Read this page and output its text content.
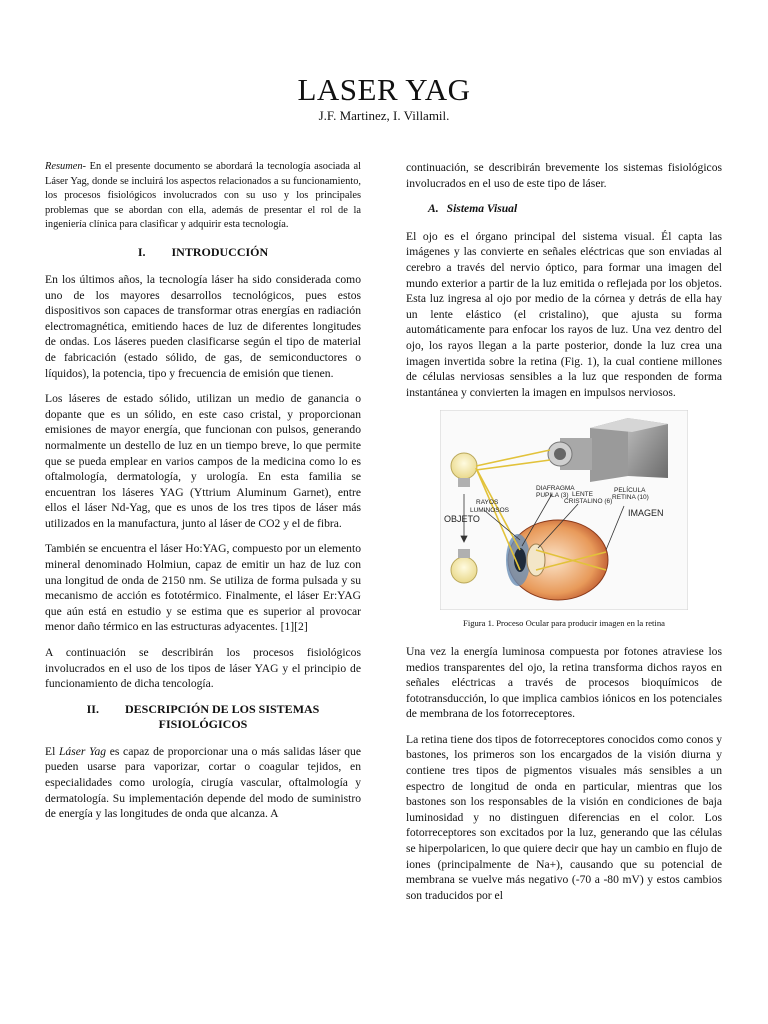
LASER YAG
J.F. Martinez, I. Villamil.

Resumen- En el presente documento se abordará la tecnología asociada al Láser Yag, donde se incluirá los aspectos relacionados a su funcionamiento, los procesos fisiológicos involucrados con su uso y los principales problemas que se abordan con ella, además de presentar el rol de la ingeniería clínica para clasificar y adquirir esta tecnología.

I. INTRODUCCIÓN

En los últimos años, la tecnología láser ha sido considerada como uno de los mayores desarrollos tecnológicos, pues estos dispositivos son capaces de transformar otras energías en radiación electromagnética, emitiendo haces de luz de diferentes longitudes de ondas. Los láseres pueden clasificarse según el tipo de material de fabricación (estado sólido, de gas, de semiconductores o líquidos), la potencia, tipo y frecuencia de emisión que tienen.

Los láseres de estado sólido, utilizan un medio de ganancia o dopante que es un sólido, en este caso cristal, y proporcionan emisiones de mayor energía, que funcionan con pulsos, generando normalmente un destello de luz en un tiempo breve, lo que permite que se pueda emplear en varios campos de la medicina como lo es oftalmología, dermatología, y urología. En esta familia se encuentran los láseres YAG (Yttrium Aluminum Garnet), entre ellos el láser Nd-Yag, que es unos de los tres tipos de láser más utilizados en la manufactura, junto al láser de CO2 y el de fibra.

También se encuentra el láser Ho:YAG, compuesto por un elemento mineral denominado Holmiun, capaz de emitir un haz de luz con una longitud de onda de 2150 nm. Se utiliza de forma pulsada y su mecanismo de acción es fototérmico. Finalmente, el láser Er:YAG que aún está en estudio y se estima que es superior al provocar menor daño térmico en las estructuras adyacentes. [1][2]

A continuación se describirán los procesos fisiológicos involucrados en el uso de los tipos de láser YAG y el principio de funcionamiento de dicha tencología.

II. DESCRIPCIÓN DE LOS SISTEMAS
FISIOLÓGICOS

El Láser Yag es capaz de proporcionar una o más salidas láser que pueden usarse para vaporizar, cortar o coagular tejidos, en especialidades como urología, cirugía vascular, oftalmología y dermatología. Su implementación depende del modo de suministro de energía y las longitudes de onda que alcanza. A

continuación, se describirán brevemente los sistemas fisiológicos involucrados en el uso de este tipo de láser.

A. Sistema Visual

El ojo es el órgano principal del sistema visual. Él capta las imágenes y las convierte en señales eléctricas que son enviadas al cerebro a través del nervio óptico, para formar una imagen del mundo exterior a partir de la luz emitida o reflejada por los objetos. Esta luz ingresa al ojo por medio de la córnea y detrás de ella hay un lente elástico (el cristalino), que ajusta su forma automáticamente para enfocar los rayos de luz. Una vez dentro del ojo, los rayos llegan a la parte posterior, donde la luz crea una imagen invertida sobre la retina (Fig. 1), la cual contiene millones de células nerviosas sensibles a la luz que responden de forma instantánea y convierten la imagen en impulsos nerviosos.

OBJETO
RAYOS
LUMINOSOS
DIAFRAGMA
PUPILA (3) LENTE
CRISTALINO (6)
PELÍCULA
RETINA (10)
IMAGEN
Figura 1. Proceso Ocular para producir imagen en la retina

Una vez la energía luminosa compuesta por fotones atraviese los medios transparentes del ojo, la retina transforma dichos rayos en señales eléctricas a través de procesos bioquímicos de fototransducción, lo que implica cambios iónicos en los potenciales de membrana de los fotorreceptores.

La retina tiene dos tipos de fotorreceptores conocidos como conos y bastones, los primeros son los encargados de la visión diurna y contiene tres tipos de pigmentos visuales más sensibles a un espectro de longitud de onda en particular, mientras que los bastones son los responsables de la visión en condiciones de baja luminosidad y no distinguen diferencias en el color. Los fotorreceptores son excitados por la luz, generando que las células se hiperpolaricen, lo que quiere decir que hay un cambio en flujo de iones (principalmente de Na+), causando que su potencial de membrana se vuelve más negativo (-70 a -80 mV) y estos cambios son traducidos por el
